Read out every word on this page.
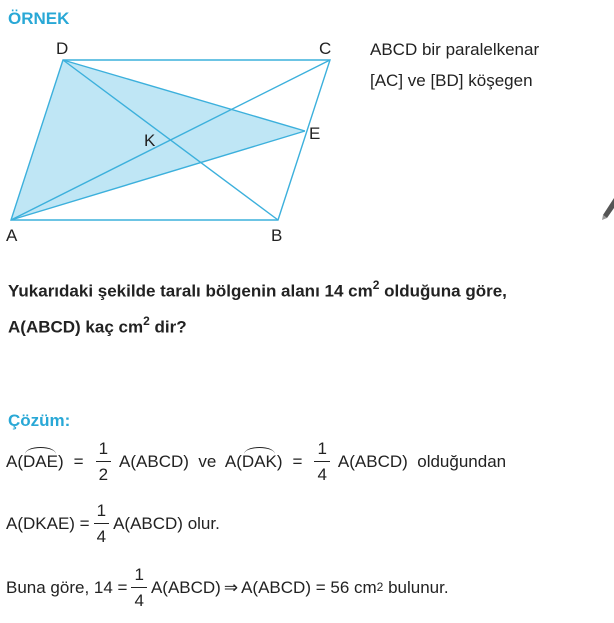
ÖRNEK
D	C
E
K
A	B
ABCD bir paralelkenar
[AC] ve [BD] köşegen
Yukarıdaki şekilde taralı bölgenin alanı 14 $cm^2$ olduğuna göre,
A(ABCD) kaç $cm^2$ dir?
Çözüm:
A( DAE ) = $\frac{1}{2}$ A(ABCD)  ve  A( DAK ) = $\frac{1}{4}$ A(ABCD)  olduğundan
A(DKAE) = $\frac{1}{4}$ A(ABCD) olur.
Buna göre, $14 = \frac{1}{4}$ A(ABCD) ⇒ A(ABCD) = 56 $cm^2$ bulunur.
